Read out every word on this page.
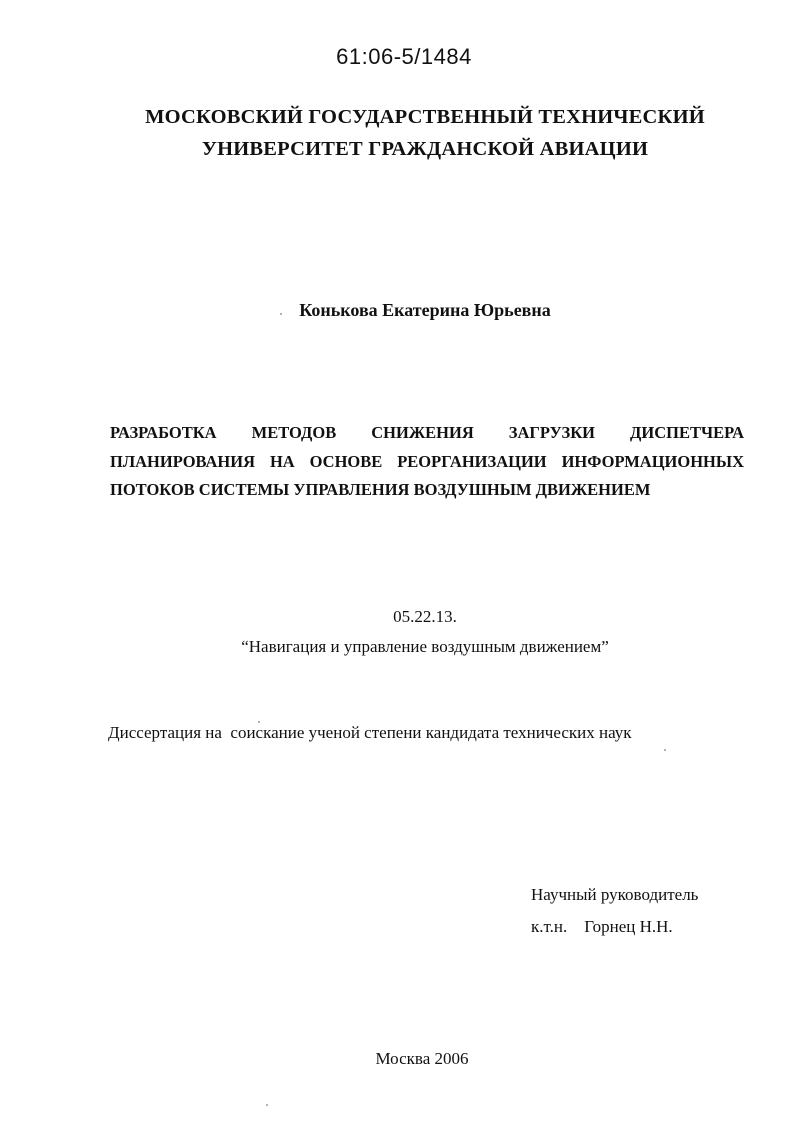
61:06-5/1484

МОСКОВСКИЙ ГОСУДАРСТВЕННЫЙ ТЕХНИЧЕСКИЙ

УНИВЕРСИТЕТ ГРАЖДАНСКОЙ АВИАЦИИ

Конькова Екатерина Юрьевна

РАЗРАБОТКА МЕТОДОВ СНИЖЕНИЯ ЗАГРУЗКИ ДИСПЕТЧЕРА

ПЛАНИРОВАНИЯ НА ОСНОВЕ РЕОРГАНИЗАЦИИ ИНФОРМАЦИОННЫХ

ПОТОКОВ СИСТЕМЫ УПРАВЛЕНИЯ ВОЗДУШНЫМ ДВИЖЕНИЕМ

05.22.13.

“Навигация и управление воздушным движением”

Диссертация на  соискание ученой степени кандидата технических наук

Научный руководитель

к.т.н.    Горнец Н.Н.

Москва 2006
